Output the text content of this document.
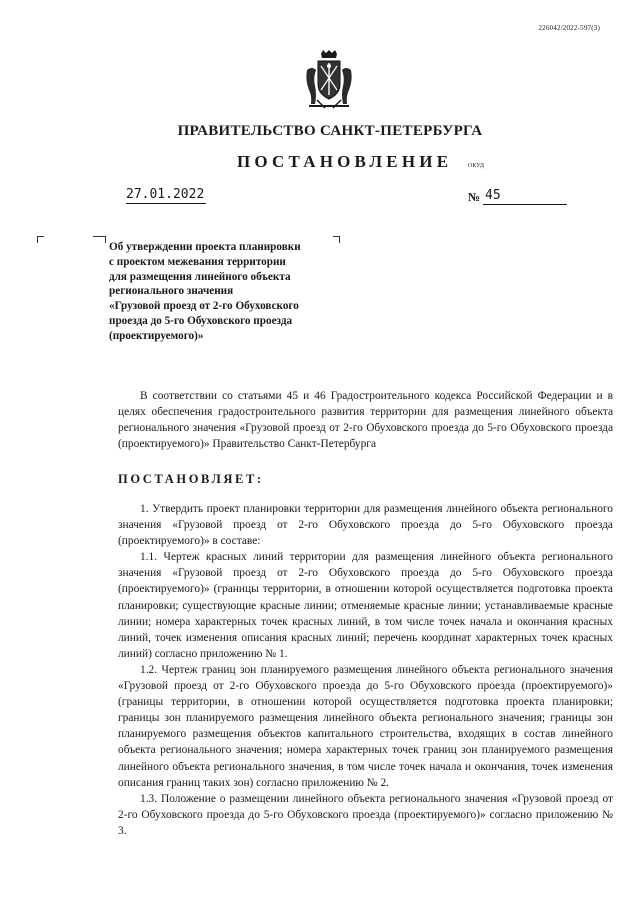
226042/2022-597(3)
ПРАВИТЕЛЬСТВО САНКТ-ПЕТЕРБУРГА
ПОСТАНОВЛЕНИЕ	ОКУД
27.01.2022	№ 45
Об утверждении проекта планировки
с проектом межевания территории
для размещения линейного объекта
регионального значения
«Грузовой проезд от 2-го Обуховского
проезда до 5-го Обуховского проезда
(проектируемого)»
В соответствии со статьями 45 и 46 Градостроительного кодекса Российской Федерации и в целях обеспечения градостроительного развития территории для размещения линейного объекта регионального значения «Грузовой проезд от 2-го Обуховского проезда до 5-го Обуховского проезда (проектируемого)» Правительство Санкт-Петербурга
ПОСТАНОВЛЯЕТ:

1. Утвердить проект планировки территории для размещения линейного объекта регионального значения «Грузовой проезд от 2-го Обуховского проезда до 5-го Обуховского проезда (проектируемого)» в составе:

1.1. Чертеж красных линий территории для размещения линейного объекта регионального значения «Грузовой проезд от 2-го Обуховского проезда до 5-го Обуховского проезда (проектируемого)» (границы территории, в отношении которой осуществляется подготовка проекта планировки; существующие красные линии; отменяемые красные линии; устанавливаемые красные линии; номера характерных точек красных линий, в том числе точек начала и окончания красных линий, точек изменения описания красных линий; перечень координат характерных точек красных линий) согласно приложению № 1.

1.2. Чертеж границ зон планируемого размещения линейного объекта регионального значения «Грузовой проезд от 2-го Обуховского проезда до 5-го Обуховского проезда (проектируемого)» (границы территории, в отношении которой осуществляется подготовка проекта планировки; границы зон планируемого размещения линейного объекта регионального значения; границы зон планируемого размещения объектов капитального строительства, входящих в состав линейного объекта регионального значения; номера характерных точек границ зон планируемого размещения линейного объекта регионального значения, в том числе точек начала и окончания, точек изменения описания границ таких зон) согласно приложению № 2.

1.3. Положение о размещении линейного объекта регионального значения «Грузовой проезд от 2-го Обуховского проезда до 5-го Обуховского проезда (проектируемого)» согласно приложению № 3.
